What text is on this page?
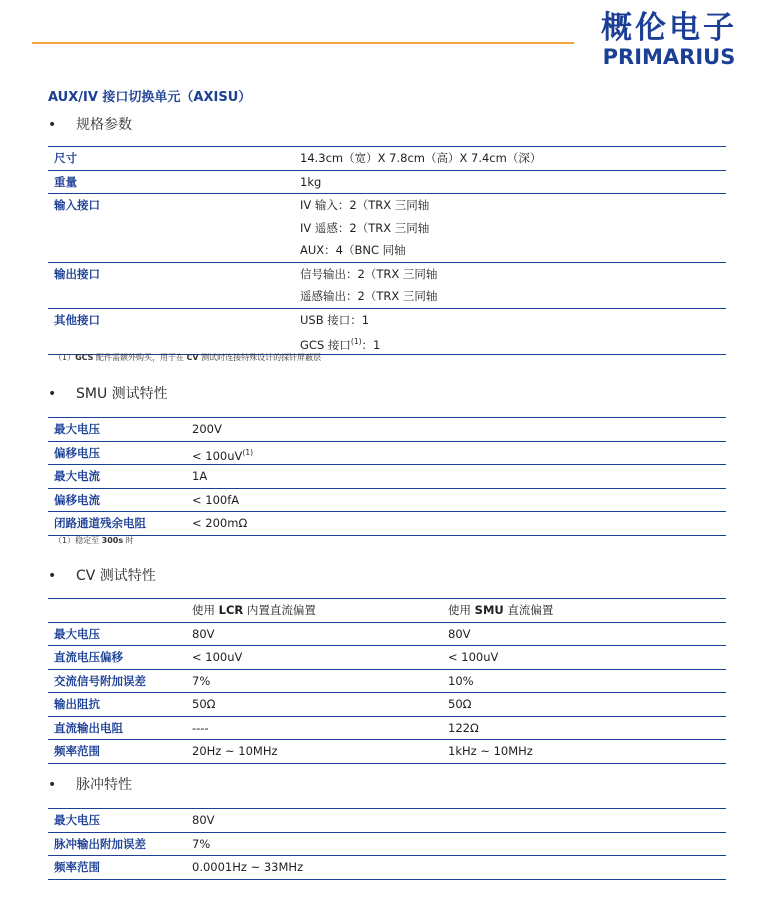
概伦电子
PRIMARIUS
AUX/IV 接口切换单元（AXISU）
• 规格参数
尺寸	14.3cm（宽）X 7.8cm（高）X 7.4cm（深）

重量	1kg

输入接口	IV 输入：2（TRX 三同轴
IV 遥感：2（TRX 三同轴
AUX：4（BNC 同轴

输出接口	信号输出：2（TRX 三同轴
遥感输出：2（TRX 三同轴

其他接口	USB 接口：1
GCS 接口$^{(1)}$：1
（1）GCS 配件需额外购买，用于在 CV 测试时连接特殊设计的探针屏蔽层
• SMU 测试特性
最大电压	200V

偏移电压	< $100uV^{(1)}$

最大电流	1A

偏移电流	< 100fA

闭路通道残余电阻	< 200mΩ
（1）稳定至 300s 时
• CV 测试特性

	使用 LCR 内置直流偏置	使用 SMU 直流偏置

最大电压	80V	80V

直流电压偏移	< 100uV	< 100uV

交流信号附加误差	7%	10%

输出阻抗	50Ω	50Ω

直流输出电阻	----	122Ω

频率范围	20Hz ~ 10MHz	1kHz ~ 10MHz
• 脉冲特性
最大电压	80V

脉冲输出附加误差	7%

频率范围	0.0001Hz ~ 33MHz
